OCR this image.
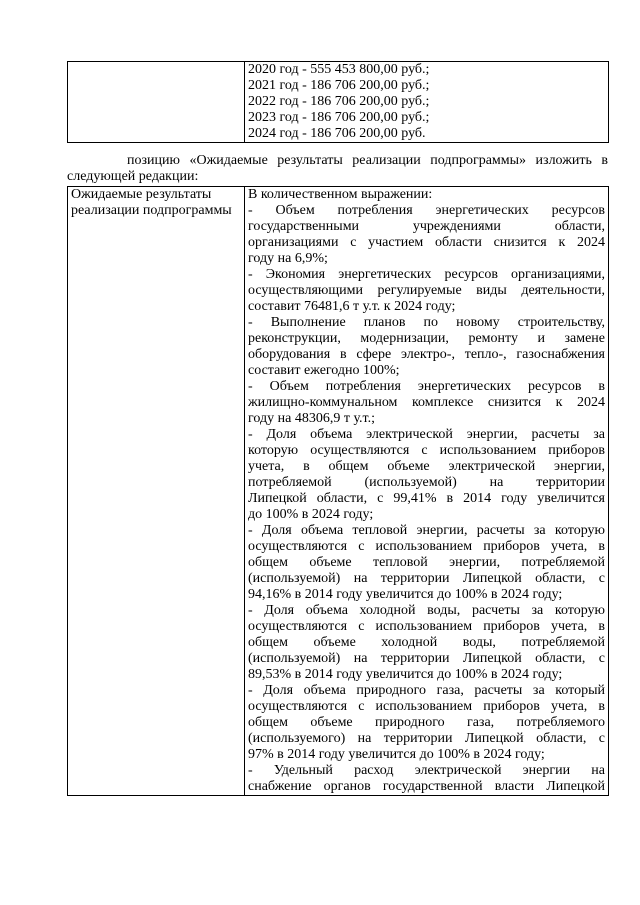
2020 год - 555 453 800,00 руб.;
2021 год - 186 706 200,00 руб.;
2022 год - 186 706 200,00 руб.;
2023 год - 186 706 200,00 руб.;
2024 год - 186 706 200,00 руб.
позицию «Ожидаемые результаты реализации подпрограммы» изложить в
следующей редакции:
Ожидаемые результаты
реализации подпрограммы

В количественном выражении:
- Объем потребления энергетических ресурсов
государственными учреждениями области,
организациями с участием области снизится к 2024
году на 6,9%;
- Экономия энергетических ресурсов организациями,
осуществляющими регулируемые виды деятельности,
составит 76481,6 т у.т. к 2024 году;
- Выполнение планов по новому строительству,
реконструкции, модернизации, ремонту и замене
оборудования в сфере электро-, тепло-, газоснабжения
составит ежегодно 100%;
- Объем потребления энергетических ресурсов в
жилищно-коммунальном комплексе снизится к 2024
году на 48306,9 т у.т.;
- Доля объема электрической энергии, расчеты за
которую осуществляются с использованием приборов
учета, в общем объеме электрической энергии,
потребляемой (используемой) на территории
Липецкой области, с 99,41% в 2014 году увеличится
до 100% в 2024 году;
- Доля объема тепловой энергии, расчеты за которую
осуществляются с использованием приборов учета, в
общем объеме тепловой энергии, потребляемой
(используемой) на территории Липецкой области, с
94,16% в 2014 году увеличится до 100% в 2024 году;
- Доля объема холодной воды, расчеты за которую
осуществляются с использованием приборов учета, в
общем объеме холодной воды, потребляемой
(используемой) на территории Липецкой области, с
89,53% в 2014 году увеличится до 100% в 2024 году;
- Доля объема природного газа, расчеты за который
осуществляются с использованием приборов учета, в
общем объеме природного газа, потребляемого
(используемого) на территории Липецкой области, с
97% в 2014 году увеличится до 100% в 2024 году;
- Удельный расход электрической энергии на
снабжение органов государственной власти Липецкой
